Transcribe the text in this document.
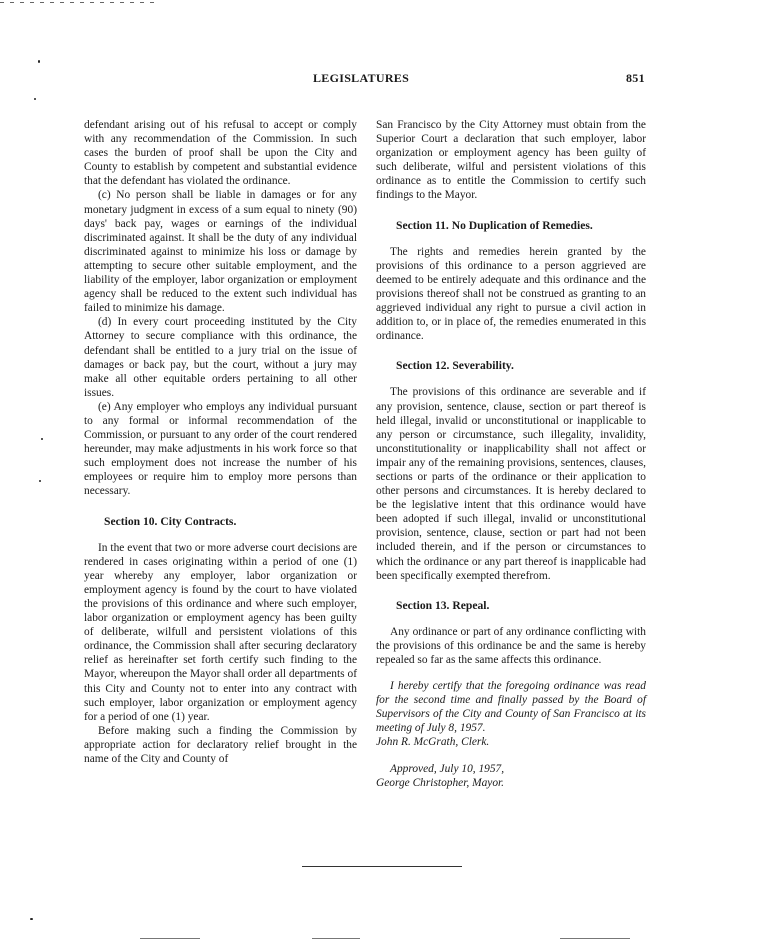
LEGISLATURES	851

defendant arising out of his refusal to accept or comply with any recommendation of the Commission. In such cases the burden of proof shall be upon the City and County to establish by competent and substantial evidence that the defendant has violated the ordinance.

(c) No person shall be liable in damages or for any monetary judgment in excess of a sum equal to ninety (90) days' back pay, wages or earnings of the individual discriminated against. It shall be the duty of any individual discriminated against to minimize his loss or damage by attempting to secure other suitable employment, and the liability of the employer, labor organization or employment agency shall be reduced to the extent such individual has failed to minimize his damage.

(d) In every court proceeding instituted by the City Attorney to secure compliance with this ordinance, the defendant shall be entitled to a jury trial on the issue of damages or back pay, but the court, without a jury may make all other equitable orders pertaining to all other issues.

(e) Any employer who employs any individual pursuant to any formal or informal recommendation of the Commission, or pursuant to any order of the court rendered hereunder, may make adjustments in his work force so that such employment does not increase the number of his employees or require him to employ more persons than necessary.

Section 10. City Contracts.

In the event that two or more adverse court decisions are rendered in cases originating within a period of one (1) year whereby any employer, labor organization or employment agency is found by the court to have violated the provisions of this ordinance and where such employer, labor organization or employment agency has been guilty of deliberate, wilfull and persistent violations of this ordinance, the Commission shall after securing declaratory relief as hereinafter set forth certify such finding to the Mayor, whereupon the Mayor shall order all departments of this City and County not to enter into any contract with such employer, labor organization or employment agency for a period of one (1) year.

Before making such a finding the Commission by appropriate action for declaratory relief brought in the name of the City and County of

San Francisco by the City Attorney must obtain from the Superior Court a declaration that such employer, labor organization or employment agency has been guilty of such deliberate, wilful and persistent violations of this ordinance as to entitle the Commission to certify such findings to the Mayor.

Section 11. No Duplication of Remedies.

The rights and remedies herein granted by the provisions of this ordinance to a person aggrieved are deemed to be entirely adequate and this ordinance and the provisions thereof shall not be construed as granting to an aggrieved individual any right to pursue a civil action in addition to, or in place of, the remedies enumerated in this ordinance.

Section 12. Severability.

The provisions of this ordinance are severable and if any provision, sentence, clause, section or part thereof is held illegal, invalid or unconstitutional or inapplicable to any person or circumstance, such illegality, invalidity, unconstitutionality or inapplicability shall not affect or impair any of the remaining provisions, sentences, clauses, sections or parts of the ordinance or their application to other persons and circumstances. It is hereby declared to be the legislative intent that this ordinance would have been adopted if such illegal, invalid or unconstitutional provision, sentence, clause, section or part had not been included therein, and if the person or circumstances to which the ordinance or any part thereof is inapplicable had been specifically exempted therefrom.

Section 13. Repeal.

Any ordinance or part of any ordinance conflicting with the provisions of this ordinance be and the same is hereby repealed so far as the same affects this ordinance.

I hereby certify that the foregoing ordinance was read for the second time and finally passed by the Board of Supervisors of the City and County of San Francisco at its meeting of July 8, 1957.

John R. McGrath, Clerk.

Approved, July 10, 1957,

George Christopher, Mayor.
